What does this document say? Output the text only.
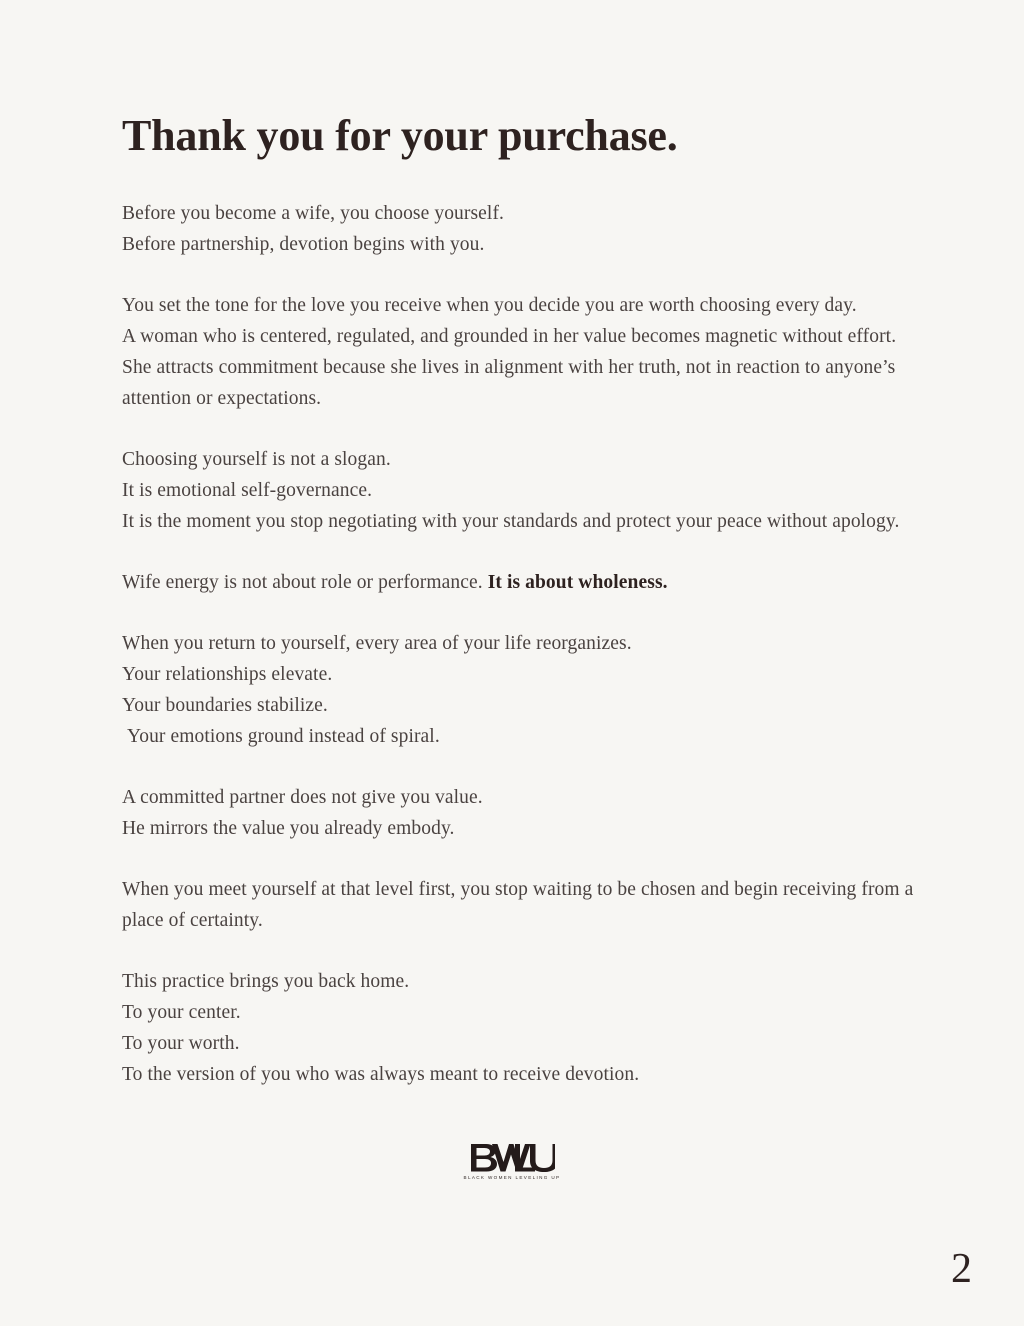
Thank you for your purchase.

Before you become a wife, you choose yourself.

Before partnership, devotion begins with you.

You set the tone for the love you receive when you decide you are worth choosing every day.

A woman who is centered, regulated, and grounded in her value becomes magnetic without effort.

She attracts commitment because she lives in alignment with her truth, not in reaction to anyone’s attention or expectations.

Choosing yourself is not a slogan.

It is emotional self-governance.

It is the moment you stop negotiating with your standards and protect your peace without apology.

Wife energy is not about role or performance. It is about wholeness.

When you return to yourself, every area of your life reorganizes.

Your relationships elevate.

Your boundaries stabilize.

Your emotions ground instead of spiral.

A committed partner does not give you value.

He mirrors the value you already embody.

When you meet yourself at that level first, you stop waiting to be chosen and begin receiving from a place of certainty.

This practice brings you back home.

To your center.

To your worth.

To the version of you who was always meant to receive devotion.

BLACK WOMEN LEVELING UP
2
